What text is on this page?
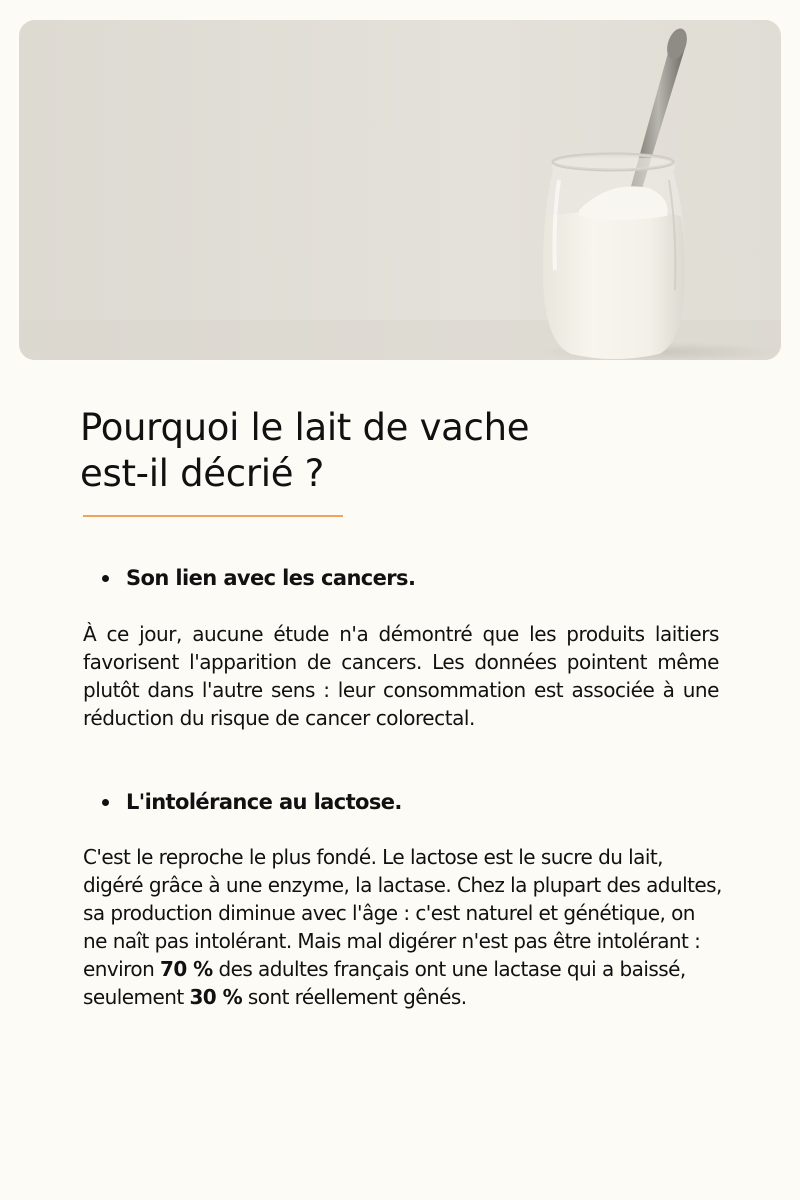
Pourquoi le lait de vache
est-il décrié ?
Son lien avec les cancers.

À ce jour, aucune étude n'a démontré que les produits laitiers favorisent l'apparition de cancers. Les données pointent même plutôt dans l'autre sens : leur consommation est associée à une réduction du risque de cancer colorectal.

L'intolérance au lactose.

C'est le reproche le plus fondé. Le lactose est le sucre du lait, digéré grâce à une enzyme, la lactase. Chez la plupart des adultes, sa production diminue avec l'âge : c'est naturel et génétique, on ne naît pas intolérant. Mais mal digérer n'est pas être intolérant : environ 70 % des adultes français ont une lactase qui a baissé, seulement 30 % sont réellement gênés.
